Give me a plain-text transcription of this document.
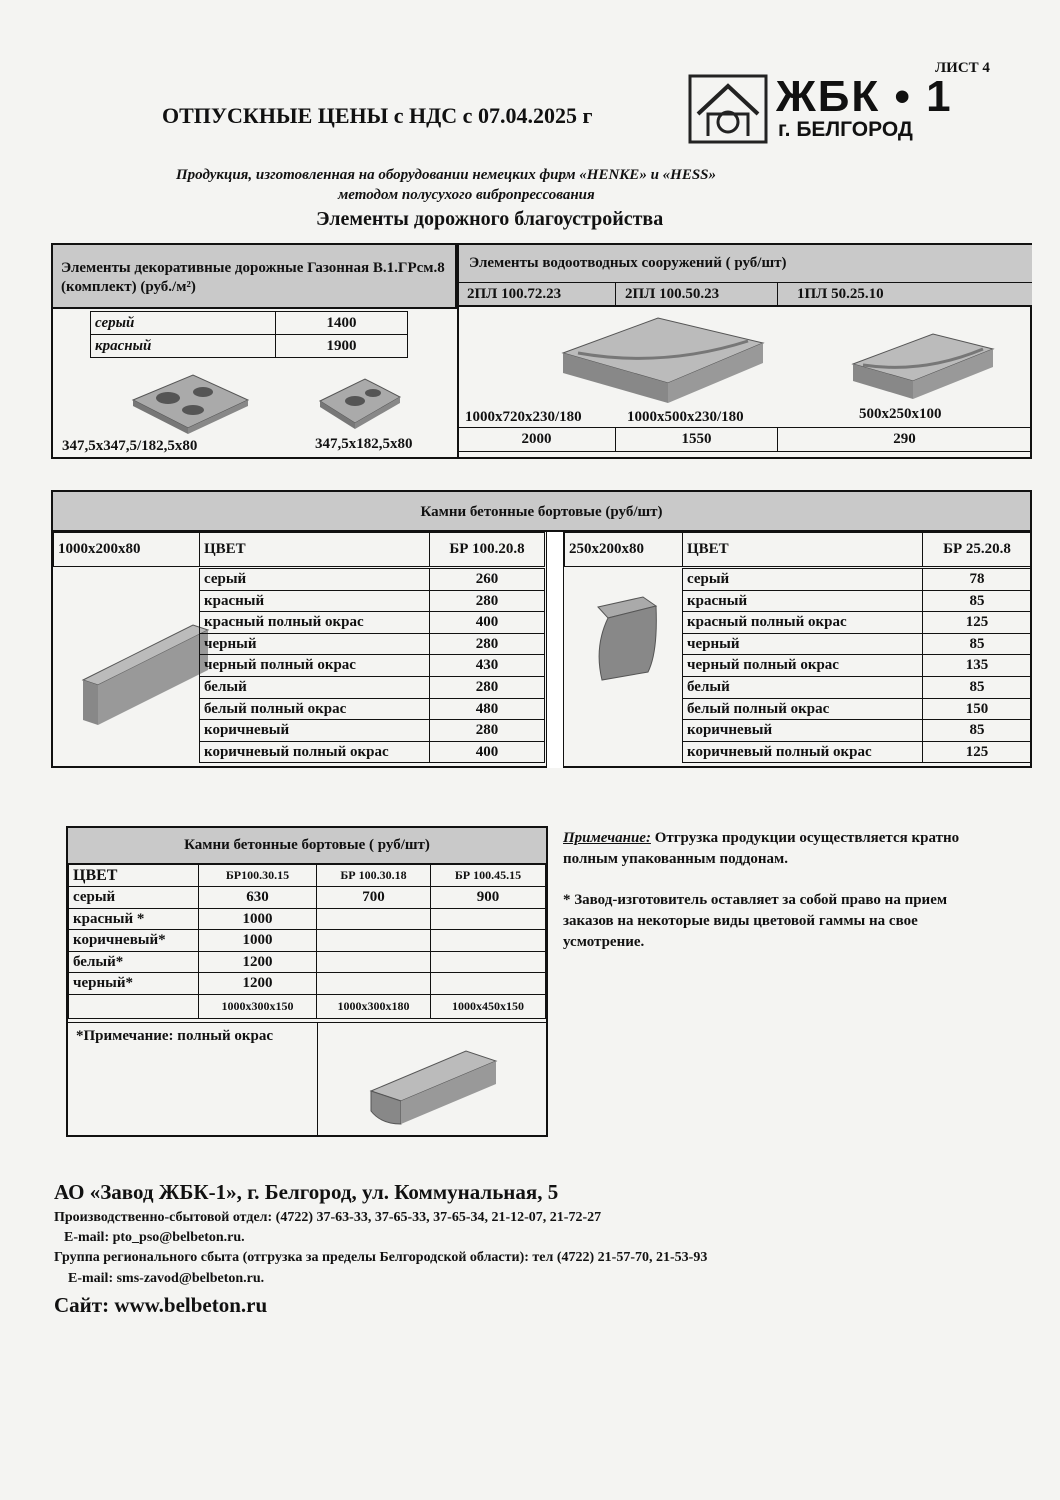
ЛИСТ 4
ОТПУСКНЫЕ ЦЕНЫ с НДС с 07.04.2025 г	ЖБК • 1
г. БЕЛГОРОД
Продукция, изготовленная на оборудовании немецких фирм «HENKE» и «HESS»
методом полусухого вибропрессования
Элементы дорожного благоустройства
Элементы декоративные дорожные Газонная В.1.ГРсм.8 (комплект) (руб./м²)
серый	1400
красный	1900
347,5х347,5/182,5х80	347,5х182,5х80
Элементы водоотводных сооружений ( руб/шт)
2ПЛ 100.72.23	2ПЛ 100.50.23	1ПЛ 50.25.10
1000х720х230/180	1000х500х230/180	500х250х100
2000	1550	290
Камни бетонные бортовые (руб/шт)
1000х200х80	ЦВЕТ	БР 100.20.8
серый	260
красный	280
красный полный окрас	400
черный	280
черный полный окрас	430
белый	280
белый полный окрас	480
коричневый	280
коричневый полный окрас	400
250х200х80	ЦВЕТ	БР 25.20.8
серый	78
красный	85
красный полный окрас	125
черный	85
черный полный окрас	135
белый	85
белый полный окрас	150
коричневый	85
коричневый полный окрас	125
Камни бетонные бортовые ( руб/шт)
ЦВЕТ	БР100.30.15	БР 100.30.18	БР 100.45.15
серый	630	700	900
красный *	1000		
коричневый*	1000		
белый*	1200		
черный*	1200		
	1000х300х150	1000х300х180	1000х450х150
*Примечание: полный окрас
Примечание: Отгрузка продукции осуществляется кратно полным упакованным поддонам.
* Завод-изготовитель оставляет за собой право на прием заказов на некоторые виды цветовой гаммы на свое усмотрение.
АО «Завод ЖБК-1», г. Белгород, ул. Коммунальная, 5
Производственно-сбытовой отдел: (4722) 37-63-33, 37-65-33, 37-65-34, 21-12-07, 21-72-27
E-mail: pto_pso@belbeton.ru.
Группа регионального сбыта (отгрузка за пределы Белгородской области): тел (4722) 21-57-70, 21-53-93
E-mail: sms-zavod@belbeton.ru.
Сайт: www.belbeton.ru
